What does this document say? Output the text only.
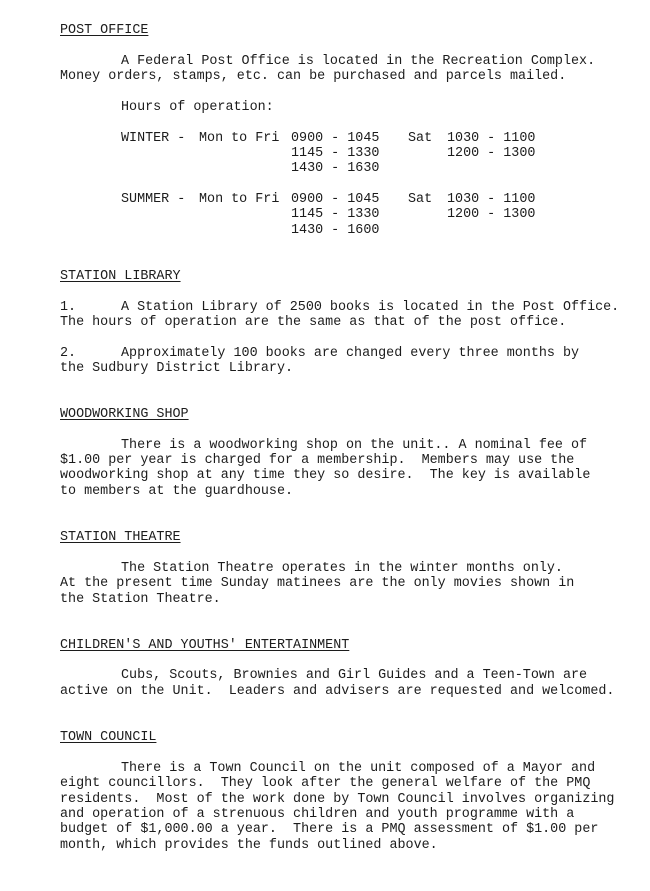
POST OFFICE
A Federal Post Office is located in the Recreation Complex.
Money orders, stamps, etc. can be purchased and parcels mailed.
Hours of operation:
WINTER - Mon to Fri 0900 - 1045
1145 - 1330
1430 - 1630
Sat 1030 - 1100
1200 - 1300
SUMMER - Mon to Fri 0900 - 1045
1145 - 1330
1430 - 1600
Sat 1030 - 1100
1200 - 1300
STATION LIBRARY
1.	A Station Library of 2500 books is located in the Post Office.
The hours of operation are the same as that of the post office.
2.	Approximately 100 books are changed every three months by
the Sudbury District Library.
WOODWORKING SHOP
There is a woodworking shop on the unit.. A nominal fee of
$1.00 per year is charged for a membership.  Members may use the
woodworking shop at any time they so desire.  The key is available
to members at the guardhouse.
STATION THEATRE
The Station Theatre operates in the winter months only.
At the present time Sunday matinees are the only movies shown in
the Station Theatre.
CHILDREN'S AND YOUTHS' ENTERTAINMENT
Cubs, Scouts, Brownies and Girl Guides and a Teen-Town are
active on the Unit.  Leaders and advisers are requested and welcomed.
TOWN COUNCIL
There is a Town Council on the unit composed of a Mayor and
eight councillors.  They look after the general welfare of the PMQ
residents.  Most of the work done by Town Council involves organizing
and operation of a strenuous children and youth programme with a
budget of $1,000.00 a year.  There is a PMQ assessment of $1.00 per
month, which provides the funds outlined above.
